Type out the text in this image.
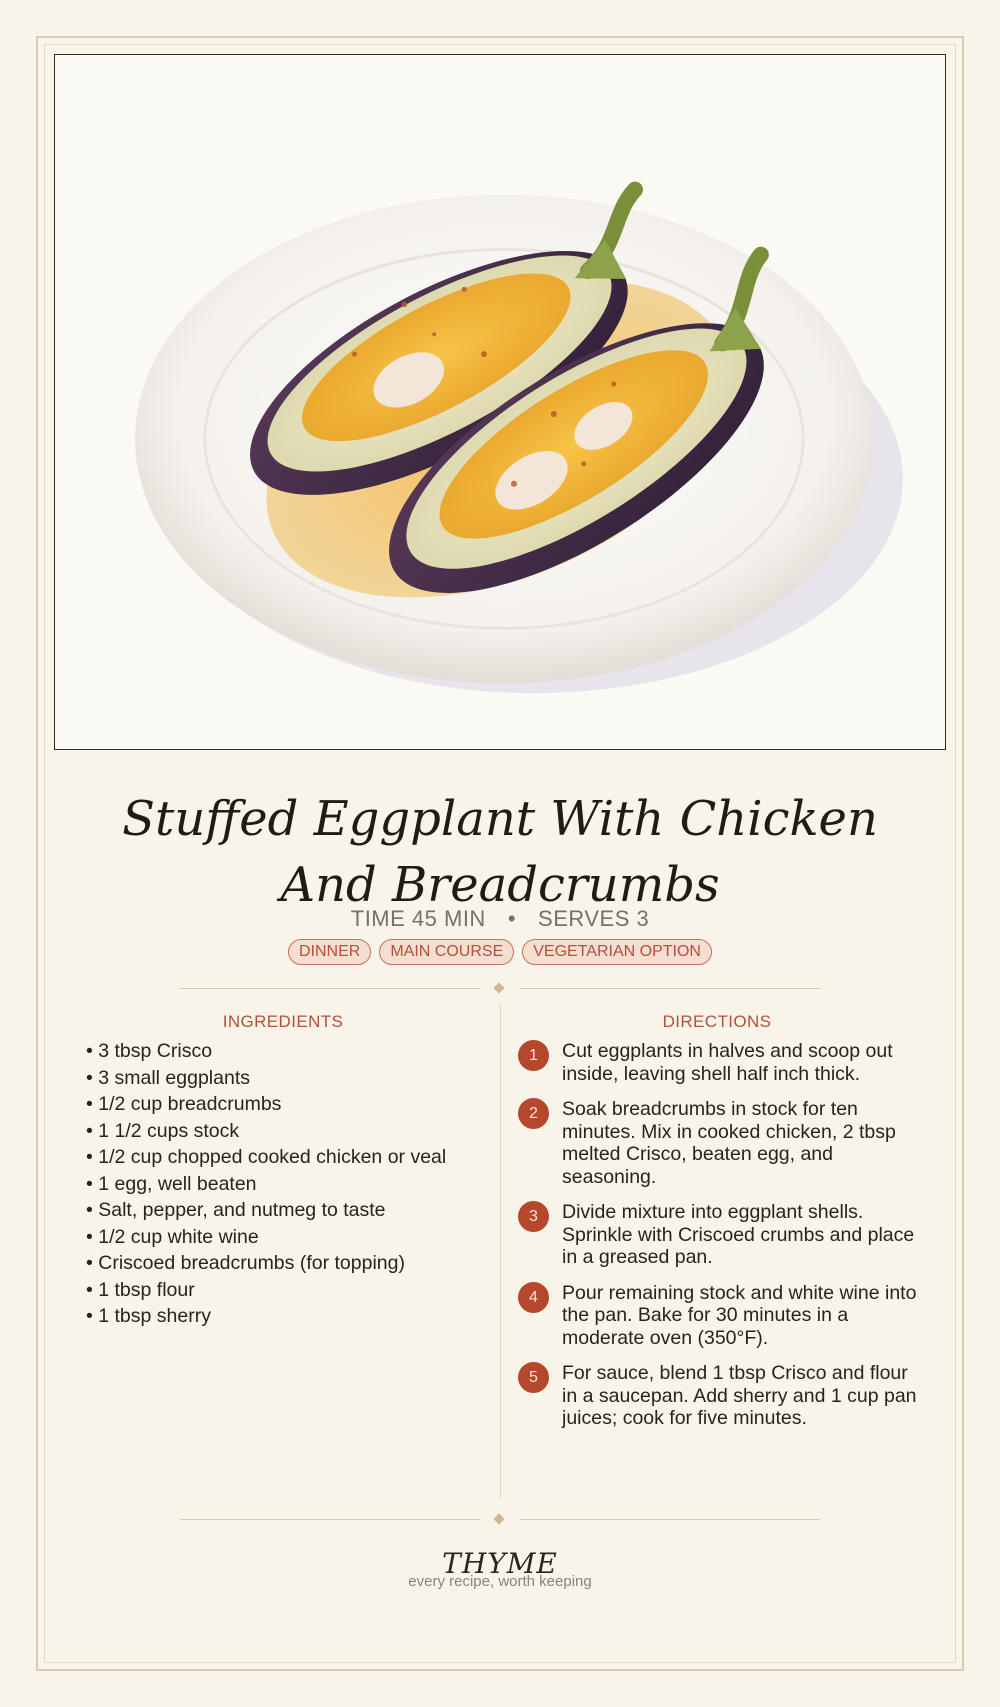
Stuffed Eggplant With Chicken And Breadcrumbs
TIME 45 MIN • SERVES 3
DINNER	MAIN COURSE	VEGETARIAN OPTION
INGREDIENTS
• 3 tbsp Crisco
• 3 small eggplants
• 1/2 cup breadcrumbs
• 1 1/2 cups stock
• 1/2 cup chopped cooked chicken or veal
• 1 egg, well beaten
• Salt, pepper, and nutmeg to taste
• 1/2 cup white wine
• Criscoed breadcrumbs (for topping)
• 1 tbsp flour
• 1 tbsp sherry
DIRECTIONS
1	Cut eggplants in halves and scoop out inside, leaving shell half inch thick.
2	Soak breadcrumbs in stock for ten minutes. Mix in cooked chicken, 2 tbsp melted Crisco, beaten egg, and seasoning.
3	Divide mixture into eggplant shells. Sprinkle with Criscoed crumbs and place in a greased pan.
4	Pour remaining stock and white wine into the pan. Bake for 30 minutes in a moderate oven (350°F).
5	For sauce, blend 1 tbsp Crisco and flour in a saucepan. Add sherry and 1 cup pan juices; cook for five minutes.
THYME
every recipe, worth keeping
